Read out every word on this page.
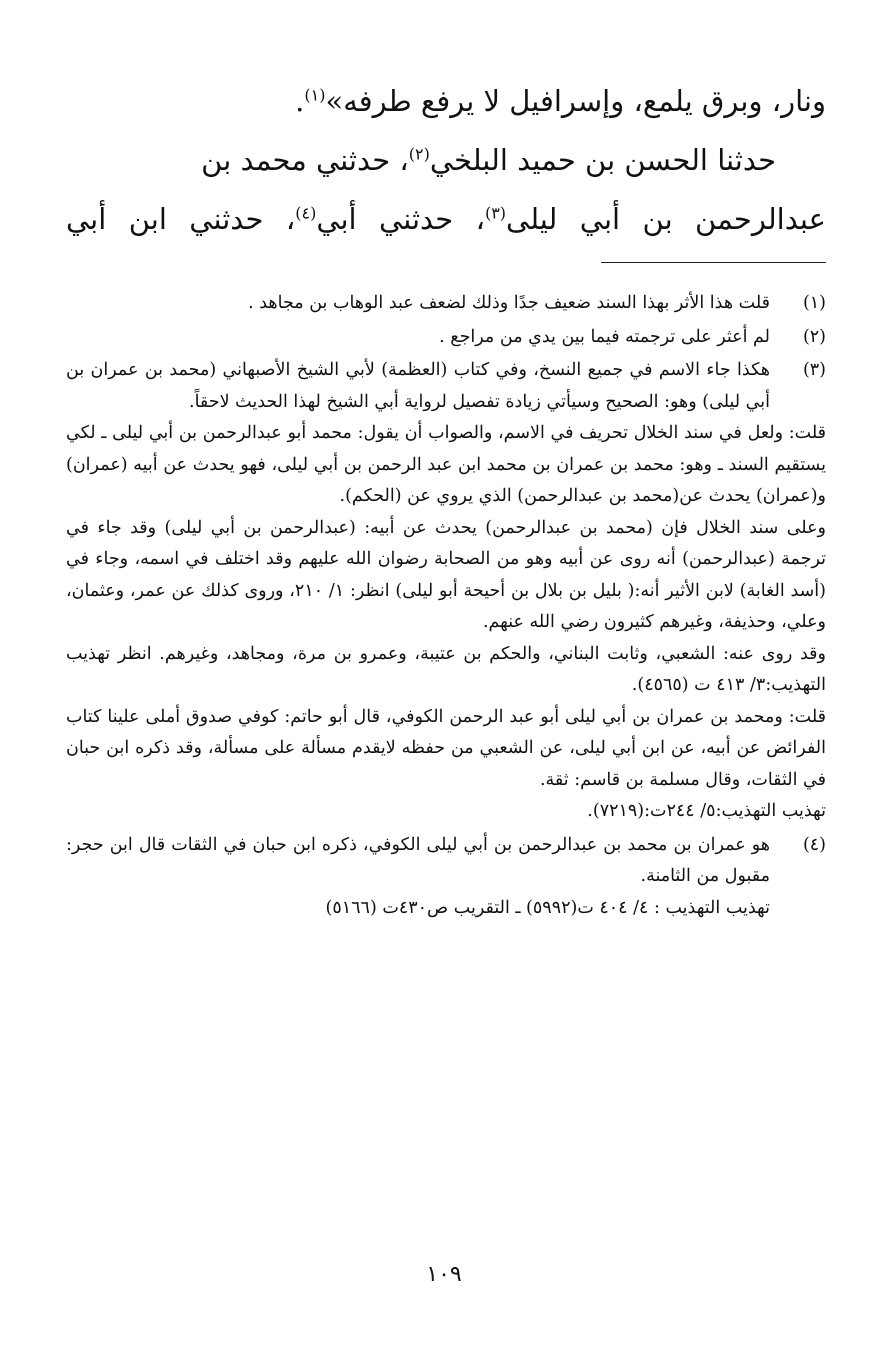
ونار، وبرق يلمع، وإسرافيل لا يرفع طرفه»$^{(١)}$.
حدثنا الحسن بن حميد البلخي$^{(٢)}$، حدثني محمد بن
عبدالرحمن بن أبي ليلى$^{(٣)}$، حدثني أبي$^{(٤)}$، حدثني ابن أبي
(١)
قلت هذا الأثر بهذا السند ضعيف جدًا وذلك لضعف عبد الوهاب بن مجاهد .
(٢)
لم أعثر على ترجمته فيما بين يدي من مراجع .
(٣)
هكذا جاء الاسم في جميع النسخ، وفي كتاب (العظمة) لأبي الشيخ الأصبهاني (محمد بن عمران بن أبي ليلى) وهو: الصحيح وسيأتي زيادة تفصيل لرواية أبي الشيخ لهذا الحديث لاحقاً.
قلت: ولعل في سند الخلال تحريف في الاسم، والصواب أن يقول: محمد أبو عبدالرحمن بن أبي ليلى ـ لكي يستقيم السند ـ وهو: محمد بن عمران بن محمد ابن عبد الرحمن بن أبي ليلى، فهو يحدث عن أبيه (عمران) و(عمران) يحدث عن(محمد بن عبدالرحمن) الذي يروي عن (الحكم).
وعلى سند الخلال فإن (محمد بن عبدالرحمن) يحدث عن أبيه: (عبدالرحمن بن أبي ليلى) وقد جاء في ترجمة (عبدالرحمن) أنه روى عن أبيه وهو من الصحابة رضوان الله عليهم وقد اختلف في اسمه، وجاء في (أسد الغابة) لابن الأثير أنه:( بليل بن بلال بن أحيحة أبو ليلى) انظر: ١/ ٢١٠، وروى كذلك عن عمر، وعثمان، وعلي، وحذيفة، وغيرهم كثيرون رضي الله عنهم.
وقد روى عنه: الشعبي، وثابت البناني، والحكم بن عتيبة، وعمرو بن مرة، ومجاهد، وغيرهم. انظر تهذيب التهذيب:٣/ ٤١٣ ت (٤٥٦٥).
قلت: ومحمد بن عمران بن أبي ليلى أبو عبد الرحمن الكوفي، قال أبو حاتم: كوفي صدوق أملى علينا كتاب الفرائض عن أبيه، عن ابن أبي ليلى، عن الشعبي من حفظه لايقدم مسألة على مسألة، وقد ذكره ابن حبان في الثقات، وقال مسلمة بن قاسم: ثقة.
تهذيب التهذيب:٥/ ٢٤٤ت:(٧٢١٩).
(٤)
هو عمران بن محمد بن عبدالرحمن بن أبي ليلى الكوفي، ذكره ابن حبان في الثقات قال ابن حجر: مقبول من الثامنة.
تهذيب التهذيب : ٤/ ٤٠٤ ت(٥٩٩٢) ـ التقريب ص٤٣٠ت (٥١٦٦)
١٠٩
